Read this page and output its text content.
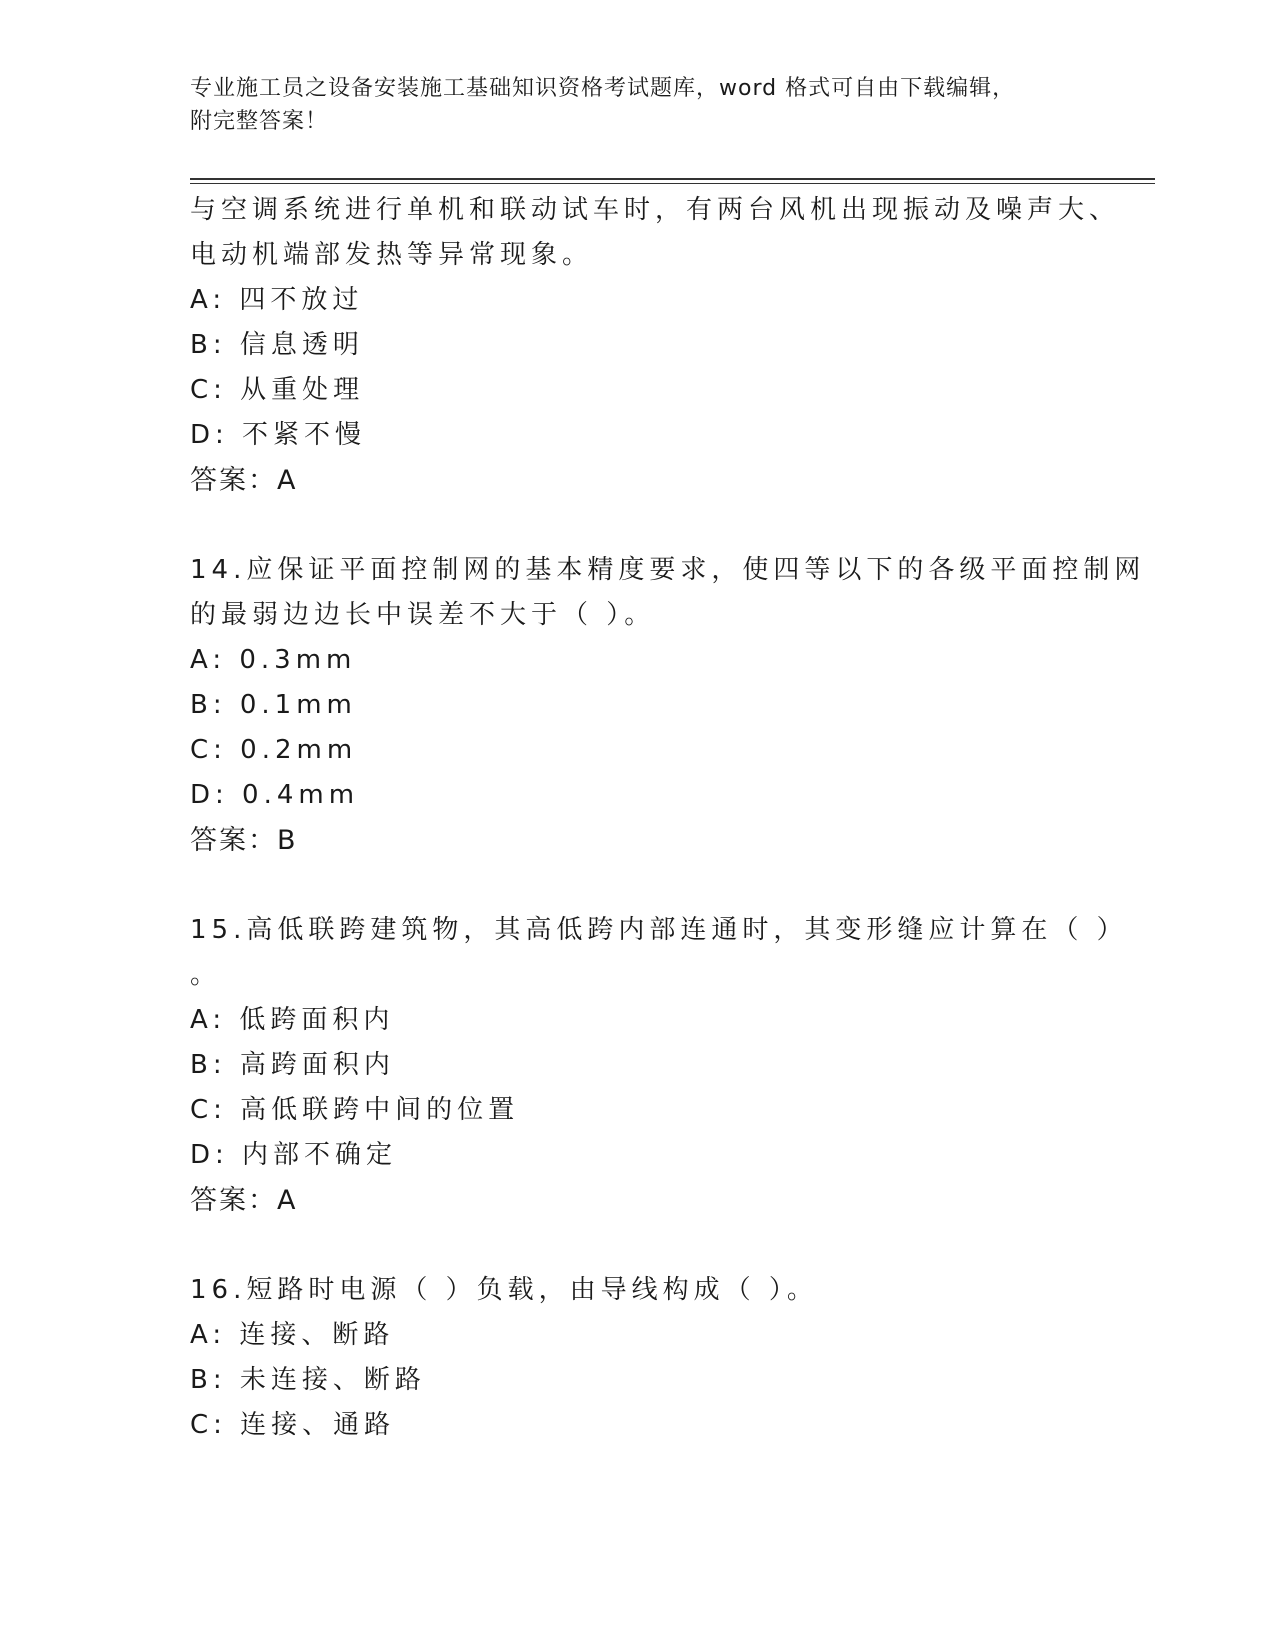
专业施工员之设备安装施工基础知识资格考试题库，word 格式可自由下载编辑，
附完整答案！
与空调系统进行单机和联动试车时，有两台风机出现振动及噪声大、
电动机端部发热等异常现象。
A: 四不放过
B: 信息透明
C: 从重处理
D: 不紧不慢
答案：A
14.应保证平面控制网的基本精度要求，使四等以下的各级平面控制网
的最弱边边长中误差不大于（ ）。
A: 0.3mm
B: 0.1mm
C: 0.2mm
D: 0.4mm
答案：B
15.高低联跨建筑物，其高低跨内部连通时，其变形缝应计算在（ ）
。
A: 低跨面积内
B: 高跨面积内
C: 高低联跨中间的位置
D: 内部不确定
答案：A
16.短路时电源（ ）负载，由导线构成（ ）。
A: 连接、断路
B: 未连接、断路
C: 连接、通路
